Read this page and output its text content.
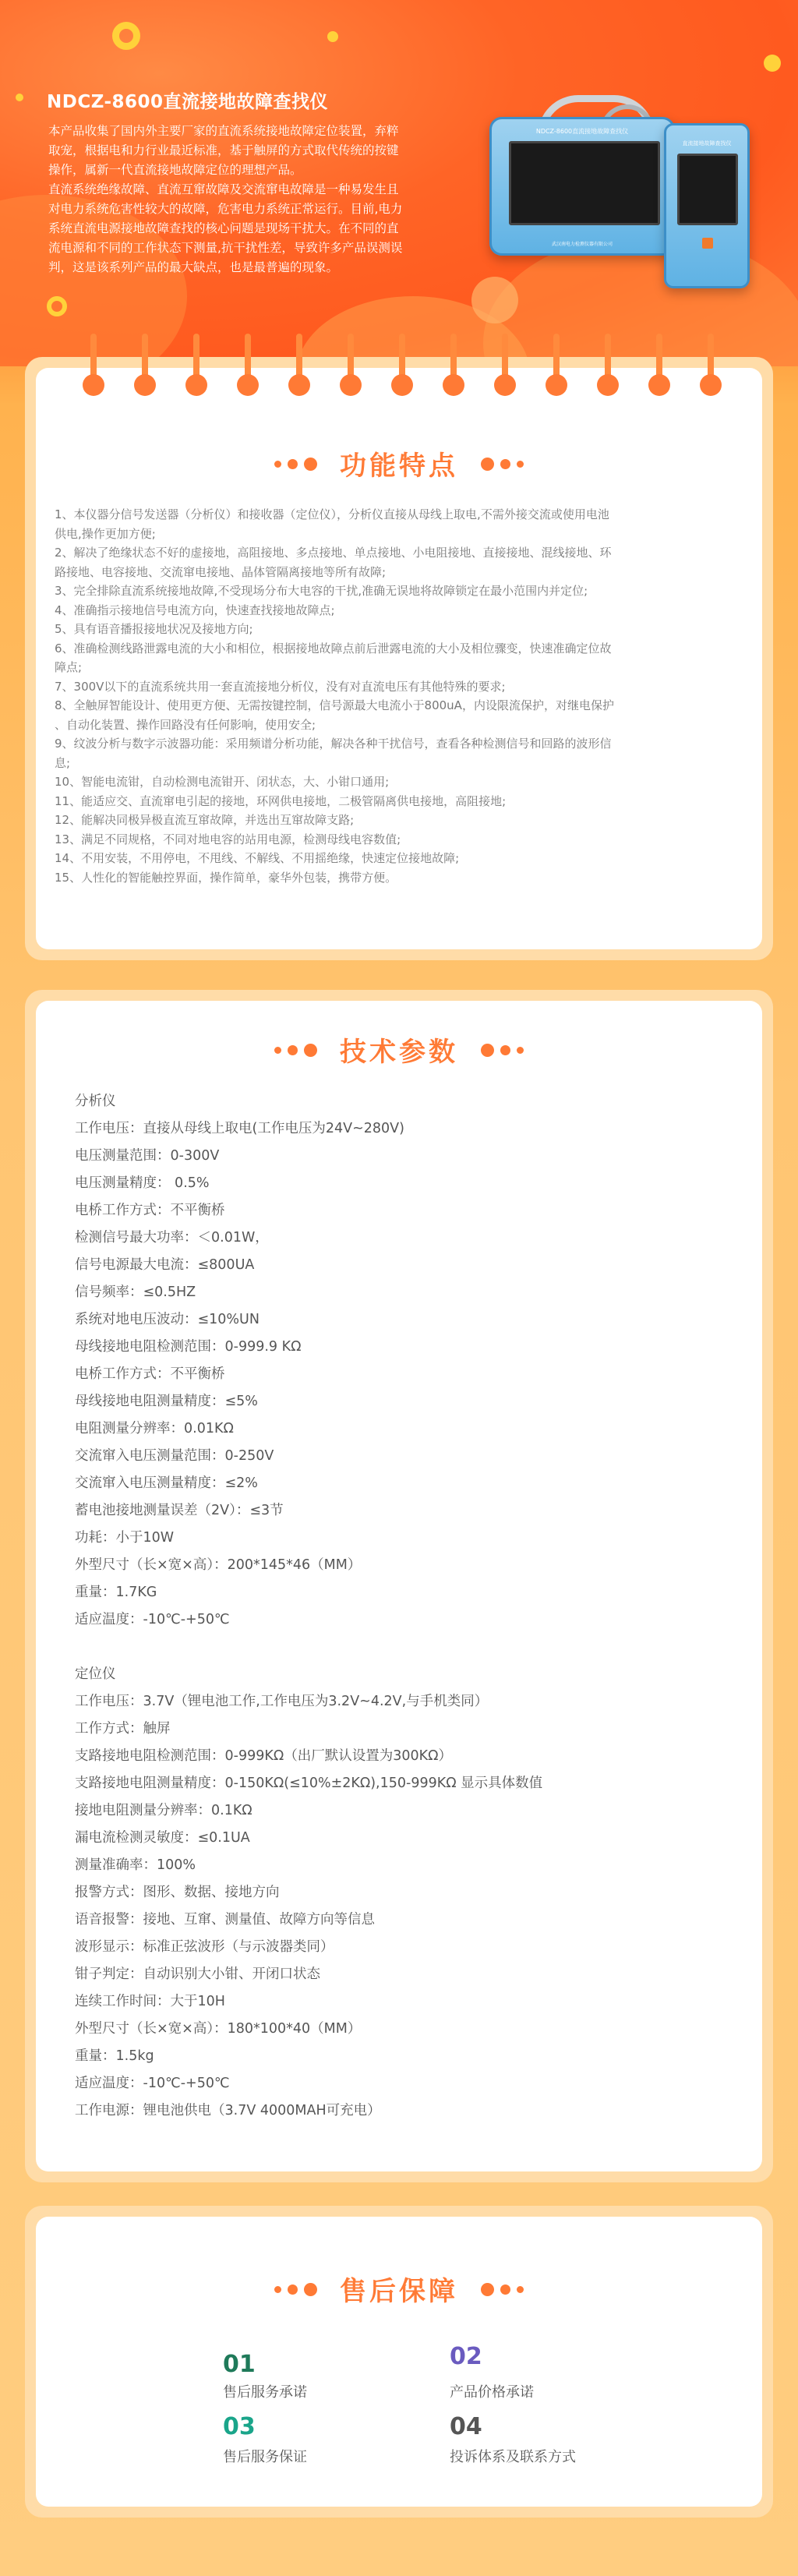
NDCZ-8600直流接地故障查找仪

本产品收集了国内外主要厂家的直流系统接地故障定位装置，弃粹

取宠，根据电和力行业最近标准，基于触屏的方式取代传统的按键

操作，属新一代直流接地故障定位的理想产品。

直流系统绝缘故障、直流互窜故障及交流窜电故障是一种易发生且

对电力系统危害性较大的故障，危害电力系统正常运行。目前,电力

系统直流电源接地故障查找的核心问题是现场干扰大。在不同的直

流电源和不同的工作状态下测量,抗干扰性差，导致许多产品误测误

判，这是该系列产品的最大缺点，也是最普遍的现象。

NDCZ-8600直流接地故障查找仪
武汉南电力检测仪器有限公司
直流接地故障查找仪
功能特点
1、本仪器分信号发送器（分析仪）和接收器（定位仪），分析仪直接从母线上取电,不需外接交流或使用电池
供电,操作更加方便;
2、解决了绝缘状态不好的虚接地，高阻接地、多点接地、单点接地、小电阻接地、直接接地、混线接地、环
路接地、电容接地、交流窜电接地、晶体管隔离接地等所有故障;
3、完全排除直流系统接地故障,不受现场分布大电容的干扰,准确无误地将故障锁定在最小范围内并定位;
4、准确指示接地信号电流方向，快速查找接地故障点;
5、具有语音播报接地状况及接地方向;
6、准确检测线路泄露电流的大小和相位，根据接地故障点前后泄露电流的大小及相位骤变，快速准确定位故
障点;
7、300V以下的直流系统共用一套直流接地分析仪，没有对直流电压有其他特殊的要求;
8、全触屏智能设计、使用更方便、无需按键控制，信号源最大电流小于800uA，内设限流保护，对继电保护
、自动化装置、操作回路没有任何影响，使用安全;
9、纹波分析与数字示波器功能：采用频谱分析功能，解决各种干扰信号，查看各种检测信号和回路的波形信
息;
10、智能电流钳，自动检测电流钳开、闭状态，大、小钳口通用;
11、能适应交、直流窜电引起的接地，环网供电接地，二极管隔离供电接地，高阻接地;
12、能解决同极异极直流互窜故障，并选出互窜故障支路;
13、满足不同规格，不同对地电容的站用电源，检测母线电容数值;
14、不用安装，不用停电，不甩线、不解线、不用摇绝缘，快速定位接地故障;
15、人性化的智能触控界面，操作简单，豪华外包装，携带方便。
技术参数
分析仪
工作电压：直接从母线上取电(工作电压为24V~280V)
电压测量范围：0-300V
电压测量精度： 0.5%
电桥工作方式：不平衡桥
检测信号最大功率：＜0.01W，
信号电源最大电流：≤800UA
信号频率：≤0.5HZ
系统对地电压波动：≤10%UN
母线接地电阻检测范围：0-999.9 KΩ
电桥工作方式：不平衡桥
母线接地电阻测量精度：≤5%
电阻测量分辨率：0.01KΩ
交流窜入电压测量范围：0-250V
交流窜入电压测量精度：≤2%
蓄电池接地测量误差（2V）：≤3节
功耗：小于10W
外型尺寸（长×宽×高）：200*145*46（MM）
重量：1.7KG
适应温度：-10℃-+50℃
定位仪
工作电压：3.7V（锂电池工作,工作电压为3.2V~4.2V,与手机类同）
工作方式：触屏
支路接地电阻检测范围：0-999KΩ（出厂默认设置为300KΩ）
支路接地电阻测量精度：0-150KΩ(≤10%±2KΩ),150-999KΩ 显示具体数值
接地电阻测量分辨率：0.1KΩ
漏电流检测灵敏度：≤0.1UA
测量准确率：100%
报警方式：图形、数据、接地方向
语音报警：接地、互窜、测量值、故障方向等信息
波形显示：标准正弦波形（与示波器类同）
钳子判定：自动识别大小钳、开闭口状态
连续工作时间：大于10H
外型尺寸（长×宽×高）：180*100*40（MM）
重量：1.5kg
适应温度：-10℃-+50℃
工作电源：锂电池供电（3.7V 4000MAH可充电）
售后保障
01
售后服务承诺
02
产品价格承诺
03
售后服务保证
04
投诉体系及联系方式
